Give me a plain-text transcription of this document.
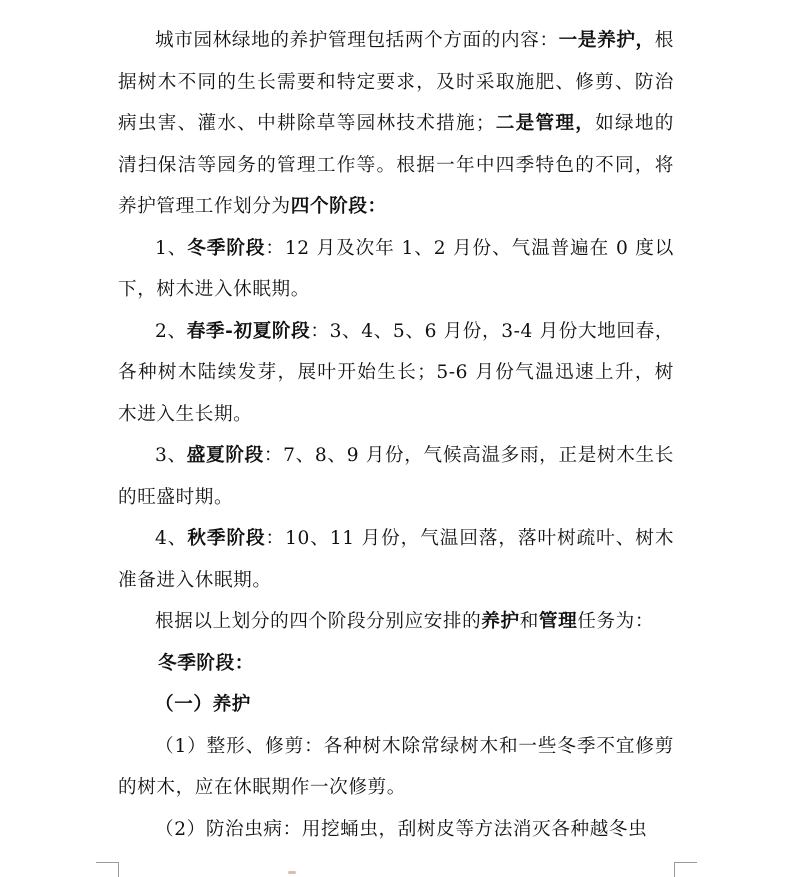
城市园林绿地的养护管理包括两个方面的内容：一是养护，根据树木不同的生长需要和特定要求，及时采取施肥、修剪、防治病虫害、灌水、中耕除草等园林技术措施；二是管理，如绿地的清扫保洁等园务的管理工作等。根据一年中四季特色的不同，将养护管理工作划分为四个阶段：

1、冬季阶段：12 月及次年 1、2 月份、气温普遍在 0 度以下，树木进入休眠期。

2、春季-初夏阶段：3、4、5、6 月份，3-4 月份大地回春，各种树木陆续发芽，展叶开始生长；5-6 月份气温迅速上升，树木进入生长期。

3、盛夏阶段：7、8、9 月份，气候高温多雨，正是树木生长的旺盛时期。

4、秋季阶段：10、11 月份，气温回落，落叶树疏叶、树木准备进入休眠期。

根据以上划分的四个阶段分别应安排的养护和管理任务为：

冬季阶段：

（一）养护

（1）整形、修剪：各种树木除常绿树木和一些冬季不宜修剪的树木，应在休眠期作一次修剪。

（2）防治虫病：用挖蛹虫，刮树皮等方法消灭各种越冬虫
